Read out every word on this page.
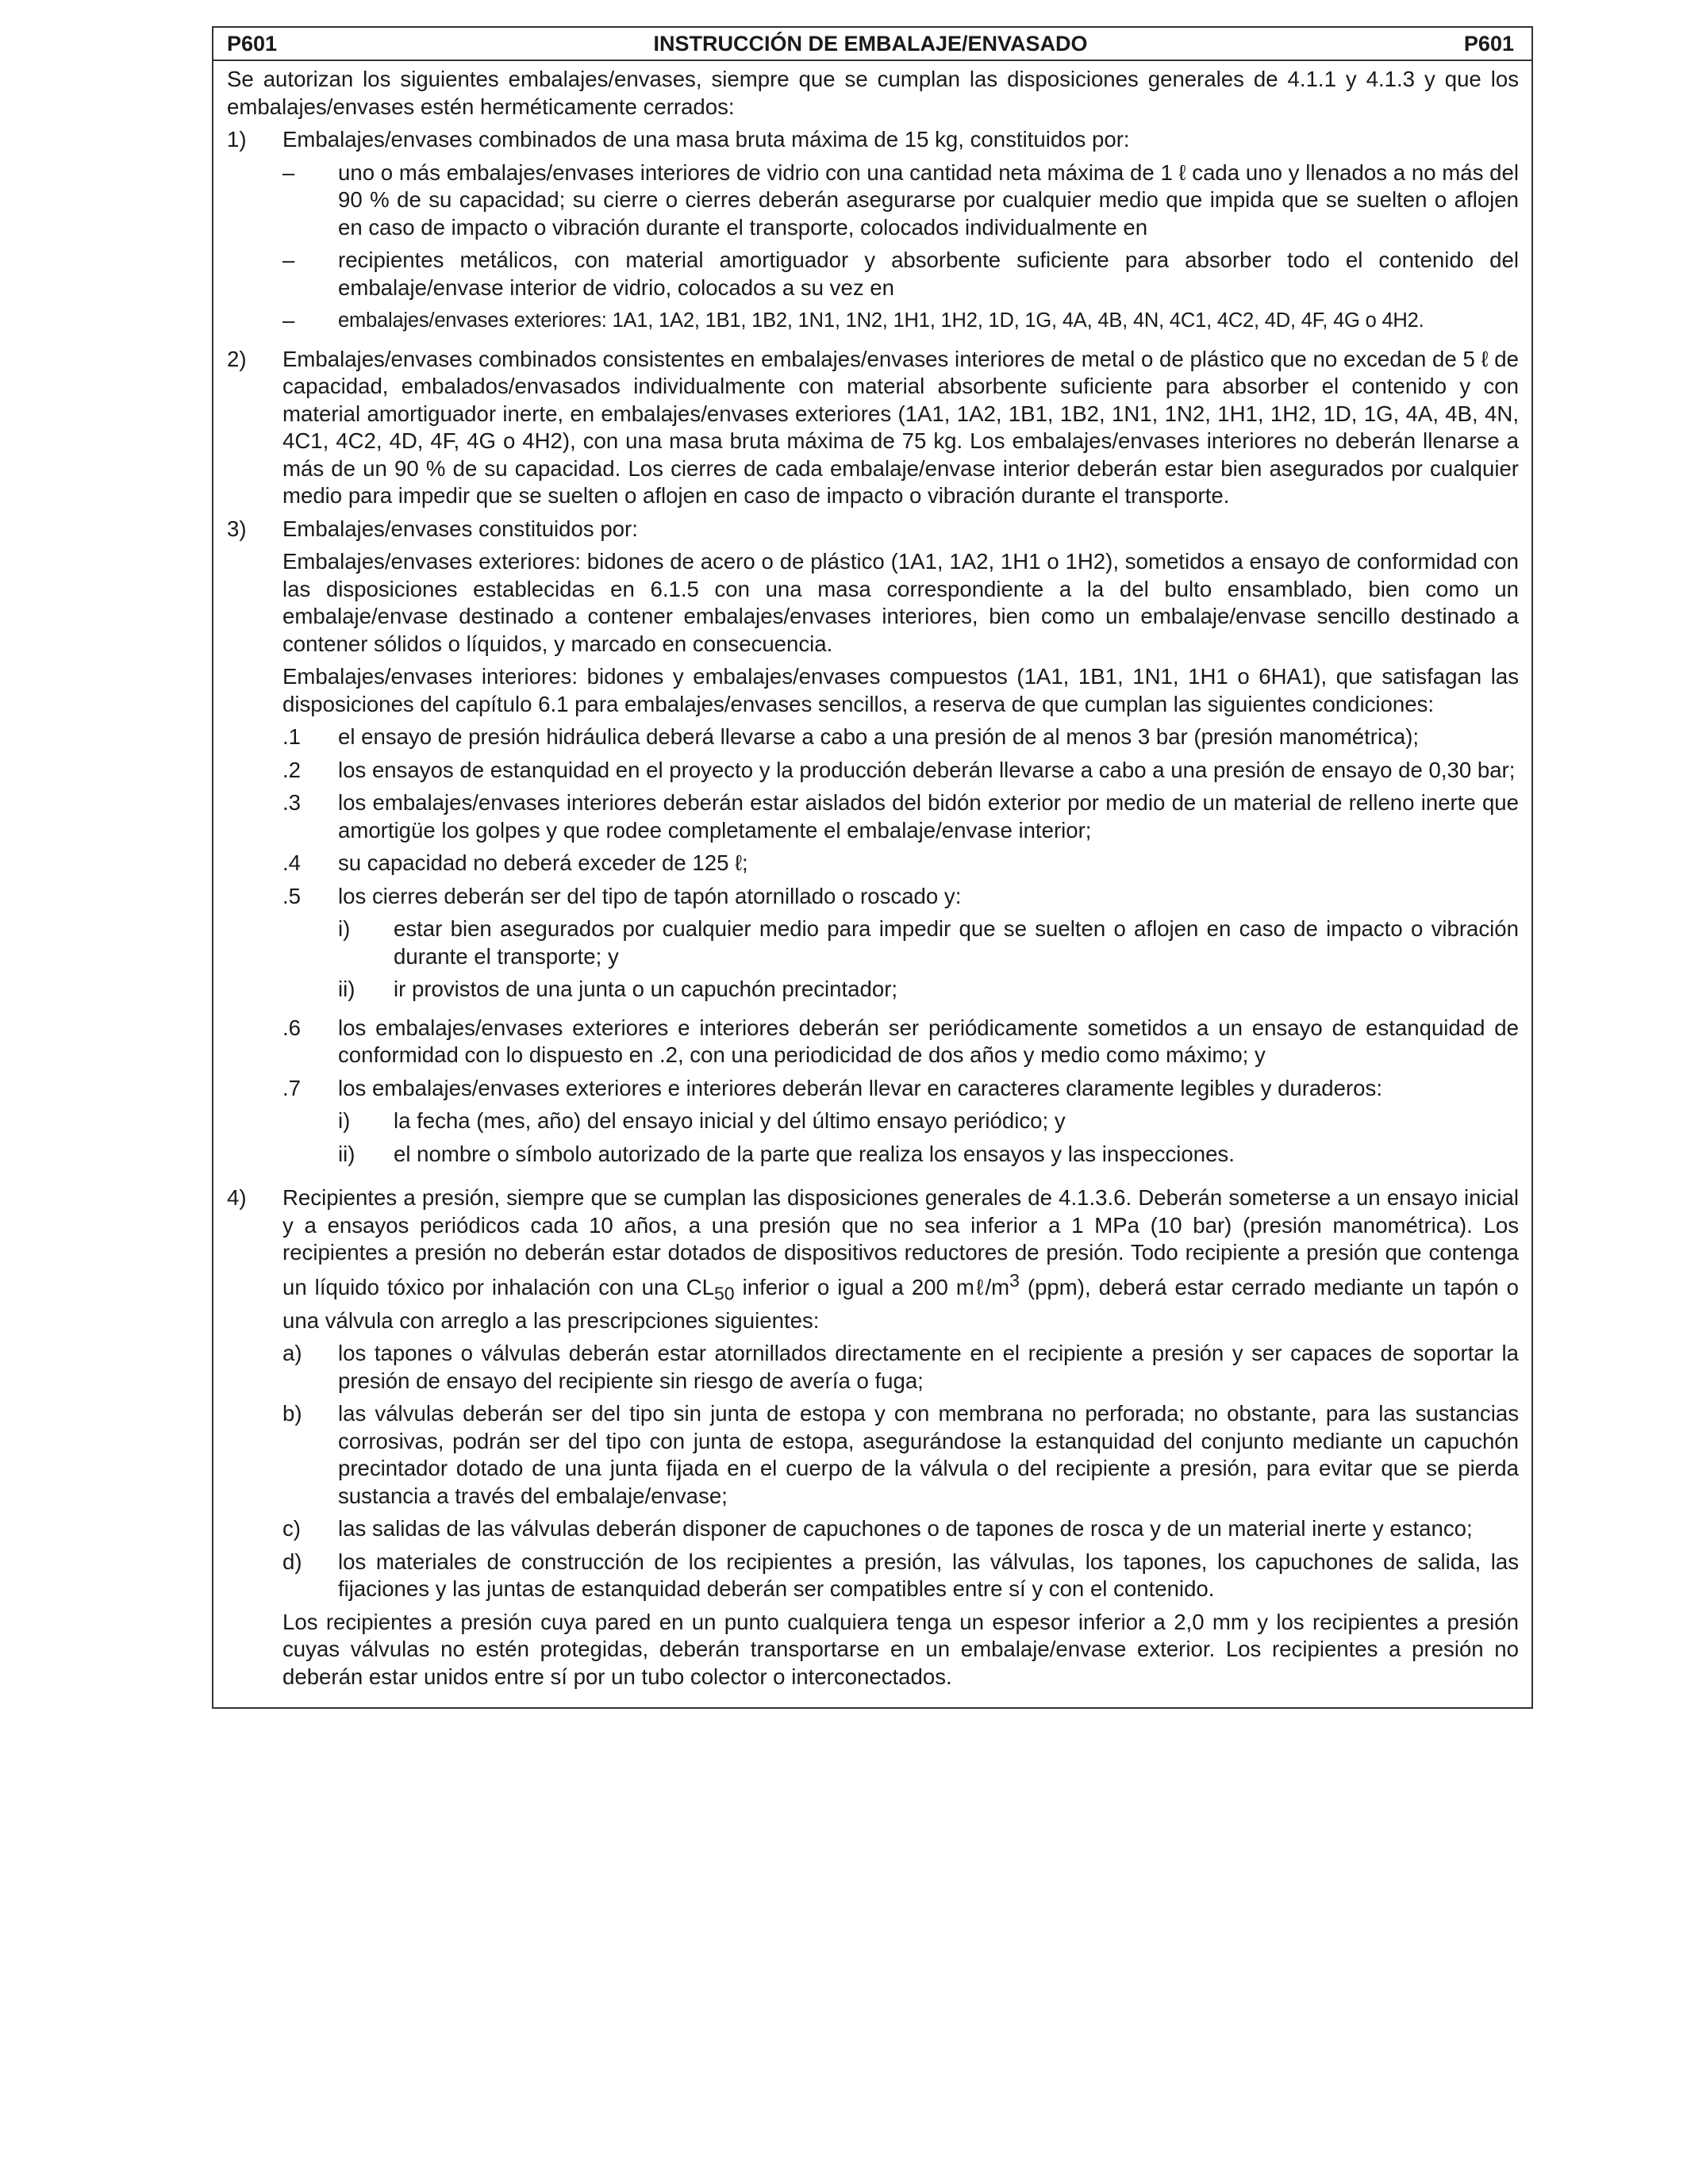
P601	INSTRUCCIÓN DE EMBALAJE/ENVASADO	P601
Se autorizan los siguientes embalajes/envases, siempre que se cumplan las disposiciones generales de 4.1.1 y 4.1.3 y que los embalajes/envases estén herméticamente cerrados:
1)	Embalajes/envases combinados de una masa bruta máxima de 15 kg, constituidos por:
–	uno o más embalajes/envases interiores de vidrio con una cantidad neta máxima de 1 ℓ cada uno y llenados a no más del 90 % de su capacidad; su cierre o cierres deberán asegurarse por cualquier medio que impida que se suelten o aflojen en caso de impacto o vibración durante el transporte, colocados individualmente en
–	recipientes metálicos, con material amortiguador y absorbente suficiente para absorber todo el contenido del embalaje/envase interior de vidrio, colocados a su vez en
–	embalajes/envases exteriores: 1A1, 1A2, 1B1, 1B2, 1N1, 1N2, 1H1, 1H2, 1D, 1G, 4A, 4B, 4N, 4C1, 4C2, 4D, 4F, 4G o 4H2.
2)	Embalajes/envases combinados consistentes en embalajes/envases interiores de metal o de plástico que no excedan de 5 ℓ de capacidad, embalados/envasados individualmente con material absorbente suficiente para absorber el contenido y con material amortiguador inerte, en embalajes/envases exteriores (1A1, 1A2, 1B1, 1B2, 1N1, 1N2, 1H1, 1H2, 1D, 1G, 4A, 4B, 4N, 4C1, 4C2, 4D, 4F, 4G o 4H2), con una masa bruta máxima de 75 kg. Los embalajes/envases interiores no deberán llenarse a más de un 90 % de su capacidad. Los cierres de cada embalaje/envase interior deberán estar bien asegurados por cualquier medio para impedir que se suelten o aflojen en caso de impacto o vibración durante el transporte.
3)	Embalajes/envases constituidos por:
Embalajes/envases exteriores: bidones de acero o de plástico (1A1, 1A2, 1H1 o 1H2), sometidos a ensayo de conformidad con las disposiciones establecidas en 6.1.5 con una masa correspondiente a la del bulto ensamblado, bien como un embalaje/envase destinado a contener embalajes/envases interiores, bien como un embalaje/envase sencillo destinado a contener sólidos o líquidos, y marcado en consecuencia.
Embalajes/envases interiores: bidones y embalajes/envases compuestos (1A1, 1B1, 1N1, 1H1 o 6HA1), que satisfagan las disposiciones del capítulo 6.1 para embalajes/envases sencillos, a reserva de que cumplan las siguientes condiciones:
.1	el ensayo de presión hidráulica deberá llevarse a cabo a una presión de al menos 3 bar (presión manométrica);
.2	los ensayos de estanquidad en el proyecto y la producción deberán llevarse a cabo a una presión de ensayo de 0,30 bar;
.3	los embalajes/envases interiores deberán estar aislados del bidón exterior por medio de un material de relleno inerte que amortigüe los golpes y que rodee completamente el embalaje/envase interior;
.4	su capacidad no deberá exceder de 125 ℓ;
.5	los cierres deberán ser del tipo de tapón atornillado o roscado y:
i)	estar bien asegurados por cualquier medio para impedir que se suelten o aflojen en caso de impacto o vibración durante el transporte; y
ii)	ir provistos de una junta o un capuchón precintador;
.6	los embalajes/envases exteriores e interiores deberán ser periódicamente sometidos a un ensayo de estanquidad de conformidad con lo dispuesto en .2, con una periodicidad de dos años y medio como máximo; y
.7	los embalajes/envases exteriores e interiores deberán llevar en caracteres claramente legibles y duraderos:
i)	la fecha (mes, año) del ensayo inicial y del último ensayo periódico; y
ii)	el nombre o símbolo autorizado de la parte que realiza los ensayos y las inspecciones.
4)	Recipientes a presión, siempre que se cumplan las disposiciones generales de 4.1.3.6. Deberán someterse a un ensayo inicial y a ensayos periódicos cada 10 años, a una presión que no sea inferior a 1 MPa (10 bar) (presión manométrica). Los recipientes a presión no deberán estar dotados de dispositivos reductores de presión. Todo recipiente a presión que contenga un líquido tóxico por inhalación con una $CL_{50}$ inferior o igual a 200 $m\ell/m^3$ (ppm), deberá estar cerrado mediante un tapón o una válvula con arreglo a las prescripciones siguientes:
a)	los tapones o válvulas deberán estar atornillados directamente en el recipiente a presión y ser capaces de soportar la presión de ensayo del recipiente sin riesgo de avería o fuga;
b)	las válvulas deberán ser del tipo sin junta de estopa y con membrana no perforada; no obstante, para las sustancias corrosivas, podrán ser del tipo con junta de estopa, asegurándose la estanquidad del conjunto mediante un capuchón precintador dotado de una junta fijada en el cuerpo de la válvula o del recipiente a presión, para evitar que se pierda sustancia a través del embalaje/envase;
c)	las salidas de las válvulas deberán disponer de capuchones o de tapones de rosca y de un material inerte y estanco;
d)	los materiales de construcción de los recipientes a presión, las válvulas, los tapones, los capuchones de salida, las fijaciones y las juntas de estanquidad deberán ser compatibles entre sí y con el contenido.
Los recipientes a presión cuya pared en un punto cualquiera tenga un espesor inferior a 2,0 mm y los recipientes a presión cuyas válvulas no estén protegidas, deberán transportarse en un embalaje/envase exterior. Los recipientes a presión no deberán estar unidos entre sí por un tubo colector o interconectados.
